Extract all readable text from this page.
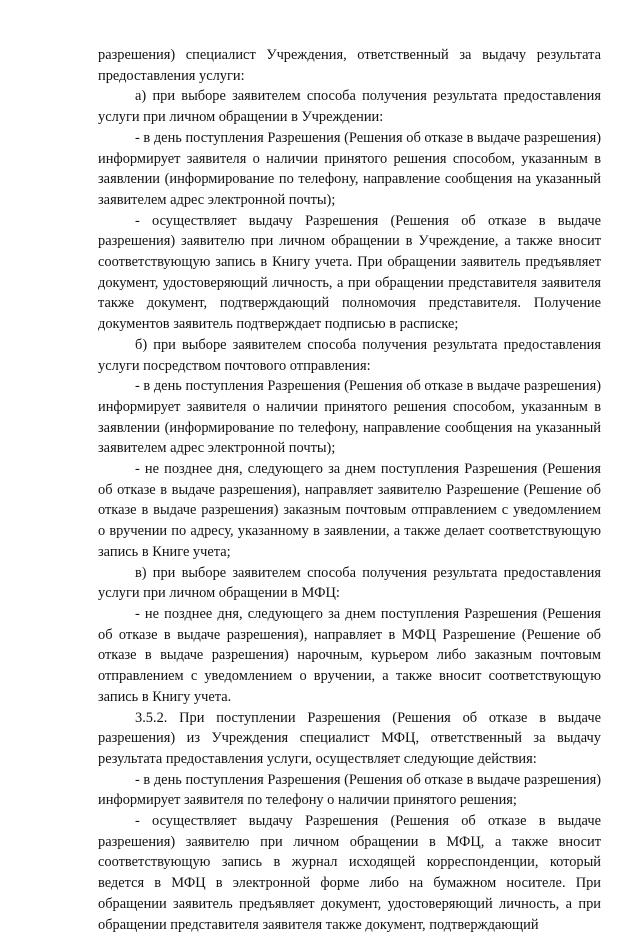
разрешения) специалист Учреждения, ответственный за выдачу результата предоставления услуги:

а) при выборе заявителем способа получения результата предоставления услуги при личном обращении в Учреждении:

- в день поступления Разрешения (Решения об отказе в выдаче разрешения) информирует заявителя о наличии принятого решения способом, указанным в заявлении (информирование по телефону, направление сообщения на указанный заявителем адрес электронной почты);

- осуществляет выдачу Разрешения (Решения об отказе в выдаче разрешения) заявителю при личном обращении в Учреждение, а также вносит соответствующую запись в Книгу учета. При обращении заявитель предъявляет документ, удостоверяющий личность, а при обращении представителя заявителя также документ, подтверждающий полномочия представителя. Получение документов заявитель подтверждает подписью в расписке;

б) при выборе заявителем способа получения результата предоставления услуги посредством почтового отправления:

- в день поступления Разрешения (Решения об отказе в выдаче разрешения) информирует заявителя о наличии принятого решения способом, указанным в заявлении (информирование по телефону, направление сообщения на указанный заявителем адрес электронной почты);

- не позднее дня, следующего за днем поступления Разрешения (Решения об отказе в выдаче разрешения), направляет заявителю Разрешение (Решение об отказе в выдаче разрешения) заказным почтовым отправлением с уведомлением о вручении по адресу, указанному в заявлении, а также делает соответствующую запись в Книге учета;

в) при выборе заявителем способа получения результата предоставления услуги при личном обращении в МФЦ:

- не позднее дня, следующего за днем поступления Разрешения (Решения об отказе в выдаче разрешения), направляет в МФЦ Разрешение (Решение об отказе в выдаче разрешения) нарочным, курьером либо заказным почтовым отправлением с уведомлением о вручении, а также вносит соответствующую запись в Книгу учета.

3.5.2. При поступлении Разрешения (Решения об отказе в выдаче разрешения) из Учреждения специалист МФЦ, ответственный за выдачу результата предоставления услуги, осуществляет следующие действия:

- в день поступления Разрешения (Решения об отказе в выдаче разрешения) информирует заявителя по телефону о наличии принятого решения;

- осуществляет выдачу Разрешения (Решения об отказе в выдаче разрешения) заявителю при личном обращении в МФЦ, а также вносит соответствующую запись в журнал исходящей корреспонденции, который ведется в МФЦ в электронной форме либо на бумажном носителе. При обращении заявитель предъявляет документ, удостоверяющий личность, а при обращении представителя заявителя также документ, подтверждающий
